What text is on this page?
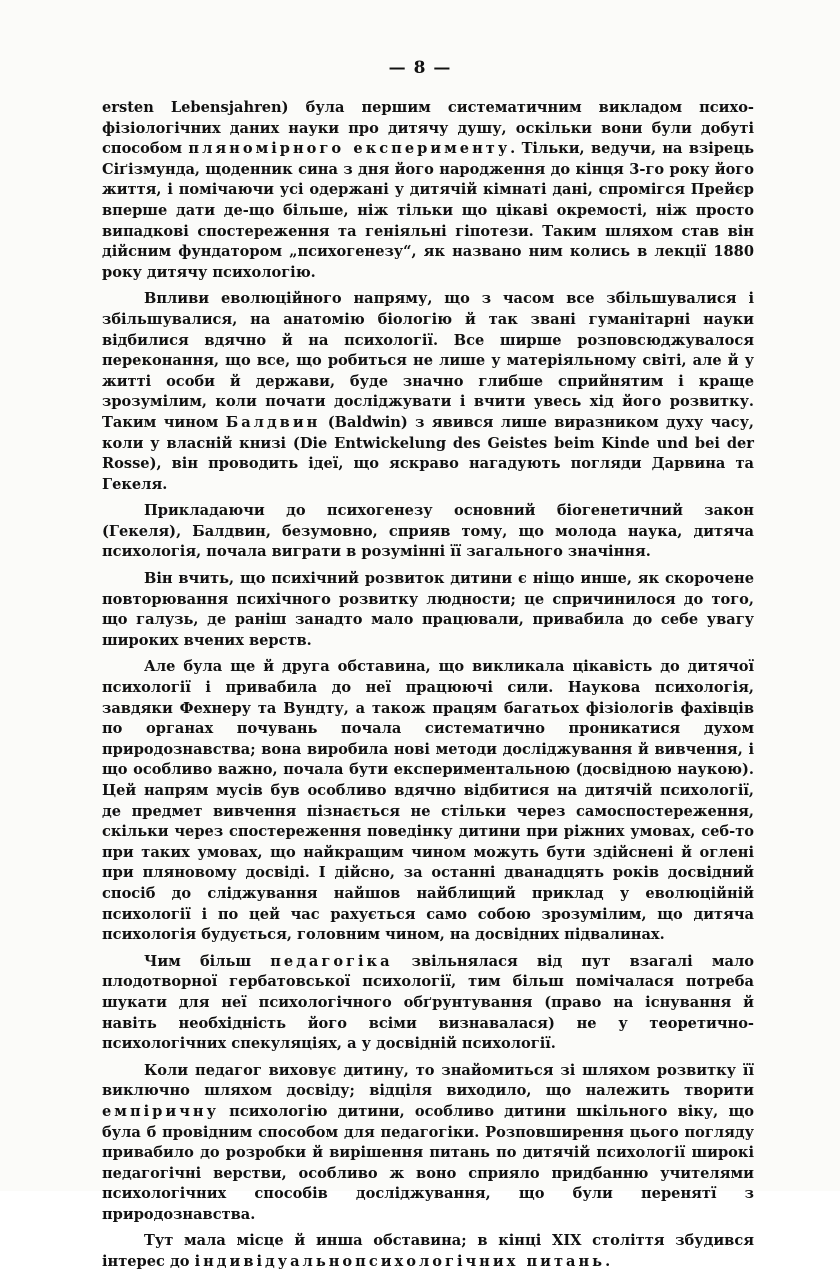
— 8 —

ersten Lebensjahren) була першим систематичним викладом психо-фізіологічних даних науки про дитячу душу, оскільки вони були добуті способом пляномірного експерименту. Тільки, ведучи, на взірець Сіґізмунда, щоденник сина з дня його народження до кінця 3-го року його життя, і помічаючи усі одержані у дитячій кімнаті дані, спромігся Прейєр вперше дати де-що більше, ніж тільки що цікаві окремості, ніж просто випадкові спостереження та геніяльні гіпотези. Таким шляхом став він дійсним фундатором „психогенезу“, як названо ним колись в лекції 1880 року дитячу психологію.

Впливи еволюційного напряму, що з часом все збільшувалися і збільшувалися, на анатомію біологію й так звані гуманітарні науки відбилися вдячно й на психології. Все ширше розповсюджувалося переконання, що все, що робиться не лише у матеріяльному світі, але й у житті особи й держави, буде значно глибше сприйнятим і краще зрозумілим, коли почати досліджувати і вчити увесь хід його розвитку. Таким чином Балдвин (Baldwin) з явився лише виразником духу часу, коли у власній книзі (Die Entwickelung des Geistes beim Kinde und bei der Rosse), він проводить ідеї, що яскраво нагадують погляди Дарвина та Гекеля.

Прикладаючи до психогенезу основний біогенетичний закон (Гекеля), Балдвин, безумовно, сприяв тому, що молода наука, дитяча психологія, почала виграти в розумінні її загального значіння.

Він вчить, що психічний розвиток дитини є ніщо инше, як скорочене повторювання психічного розвитку людности; це спричинилося до того, що галузь, де раніш занадто мало працювали, привабила до себе увагу широких вчених верств.

Але була ще й друга обставина, що викликала цікавість до дитячої психології і привабила до неї працюючі сили. Наукова психологія, завдяки Фехнеру та Вундту, а також працям багатьох фізіологів фахівців по органах почувань почала систематично проникатися духом природознавства; вона виробила нові методи досліджування й вивчення, і що особливо важно, почала бути експериментальною (досвідною наукою). Цей напрям мусів був особливо вдячно відбитися на дитячій психології, де предмет вивчення пізнається не стільки через самоспостереження, скільки через спостереження поведінку дитини при ріжних умовах, себ-то при таких умовах, що найкращим чином можуть бути здійснені й оглені при пляновому досвіді. І дійсно, за останні дванадцять років досвідний спосіб до сліджування найшов найблищий приклад у еволюційній психології і по цей час рахується само собою зрозумілим, що дитяча психологія будується, головним чином, на досвідних підвалинах.

Чим більш педагогіка звільнялася від пут взагалі мало плодотворної гербатовської психології, тим більш помічалася потреба шукати для неї психологічного обґрунтування (право на існування й навіть необхідність його всіми визнавалася) не у теоретично-психологічних спекуляціях, а у досвідній психології.

Коли педагог виховує дитину, то знайомиться зі шляхом розвитку її виключно шляхом досвіду; відціля виходило, що належить творити емпіричну психологію дитини, особливо дитини шкільного віку, що була б провідним способом для педагогіки. Розповширення цього погляду привабило до розробки й вирішення питань по дитячій психології широкі педагогічні верстви, особливо ж воно сприяло придбанню учителями психологічних способів досліджування, що були перенятї з природознавства.

Тут мала місце й инша обставина; в кінці XIX століття збудився інтерес до індивідуальнопсихологічних питань.
